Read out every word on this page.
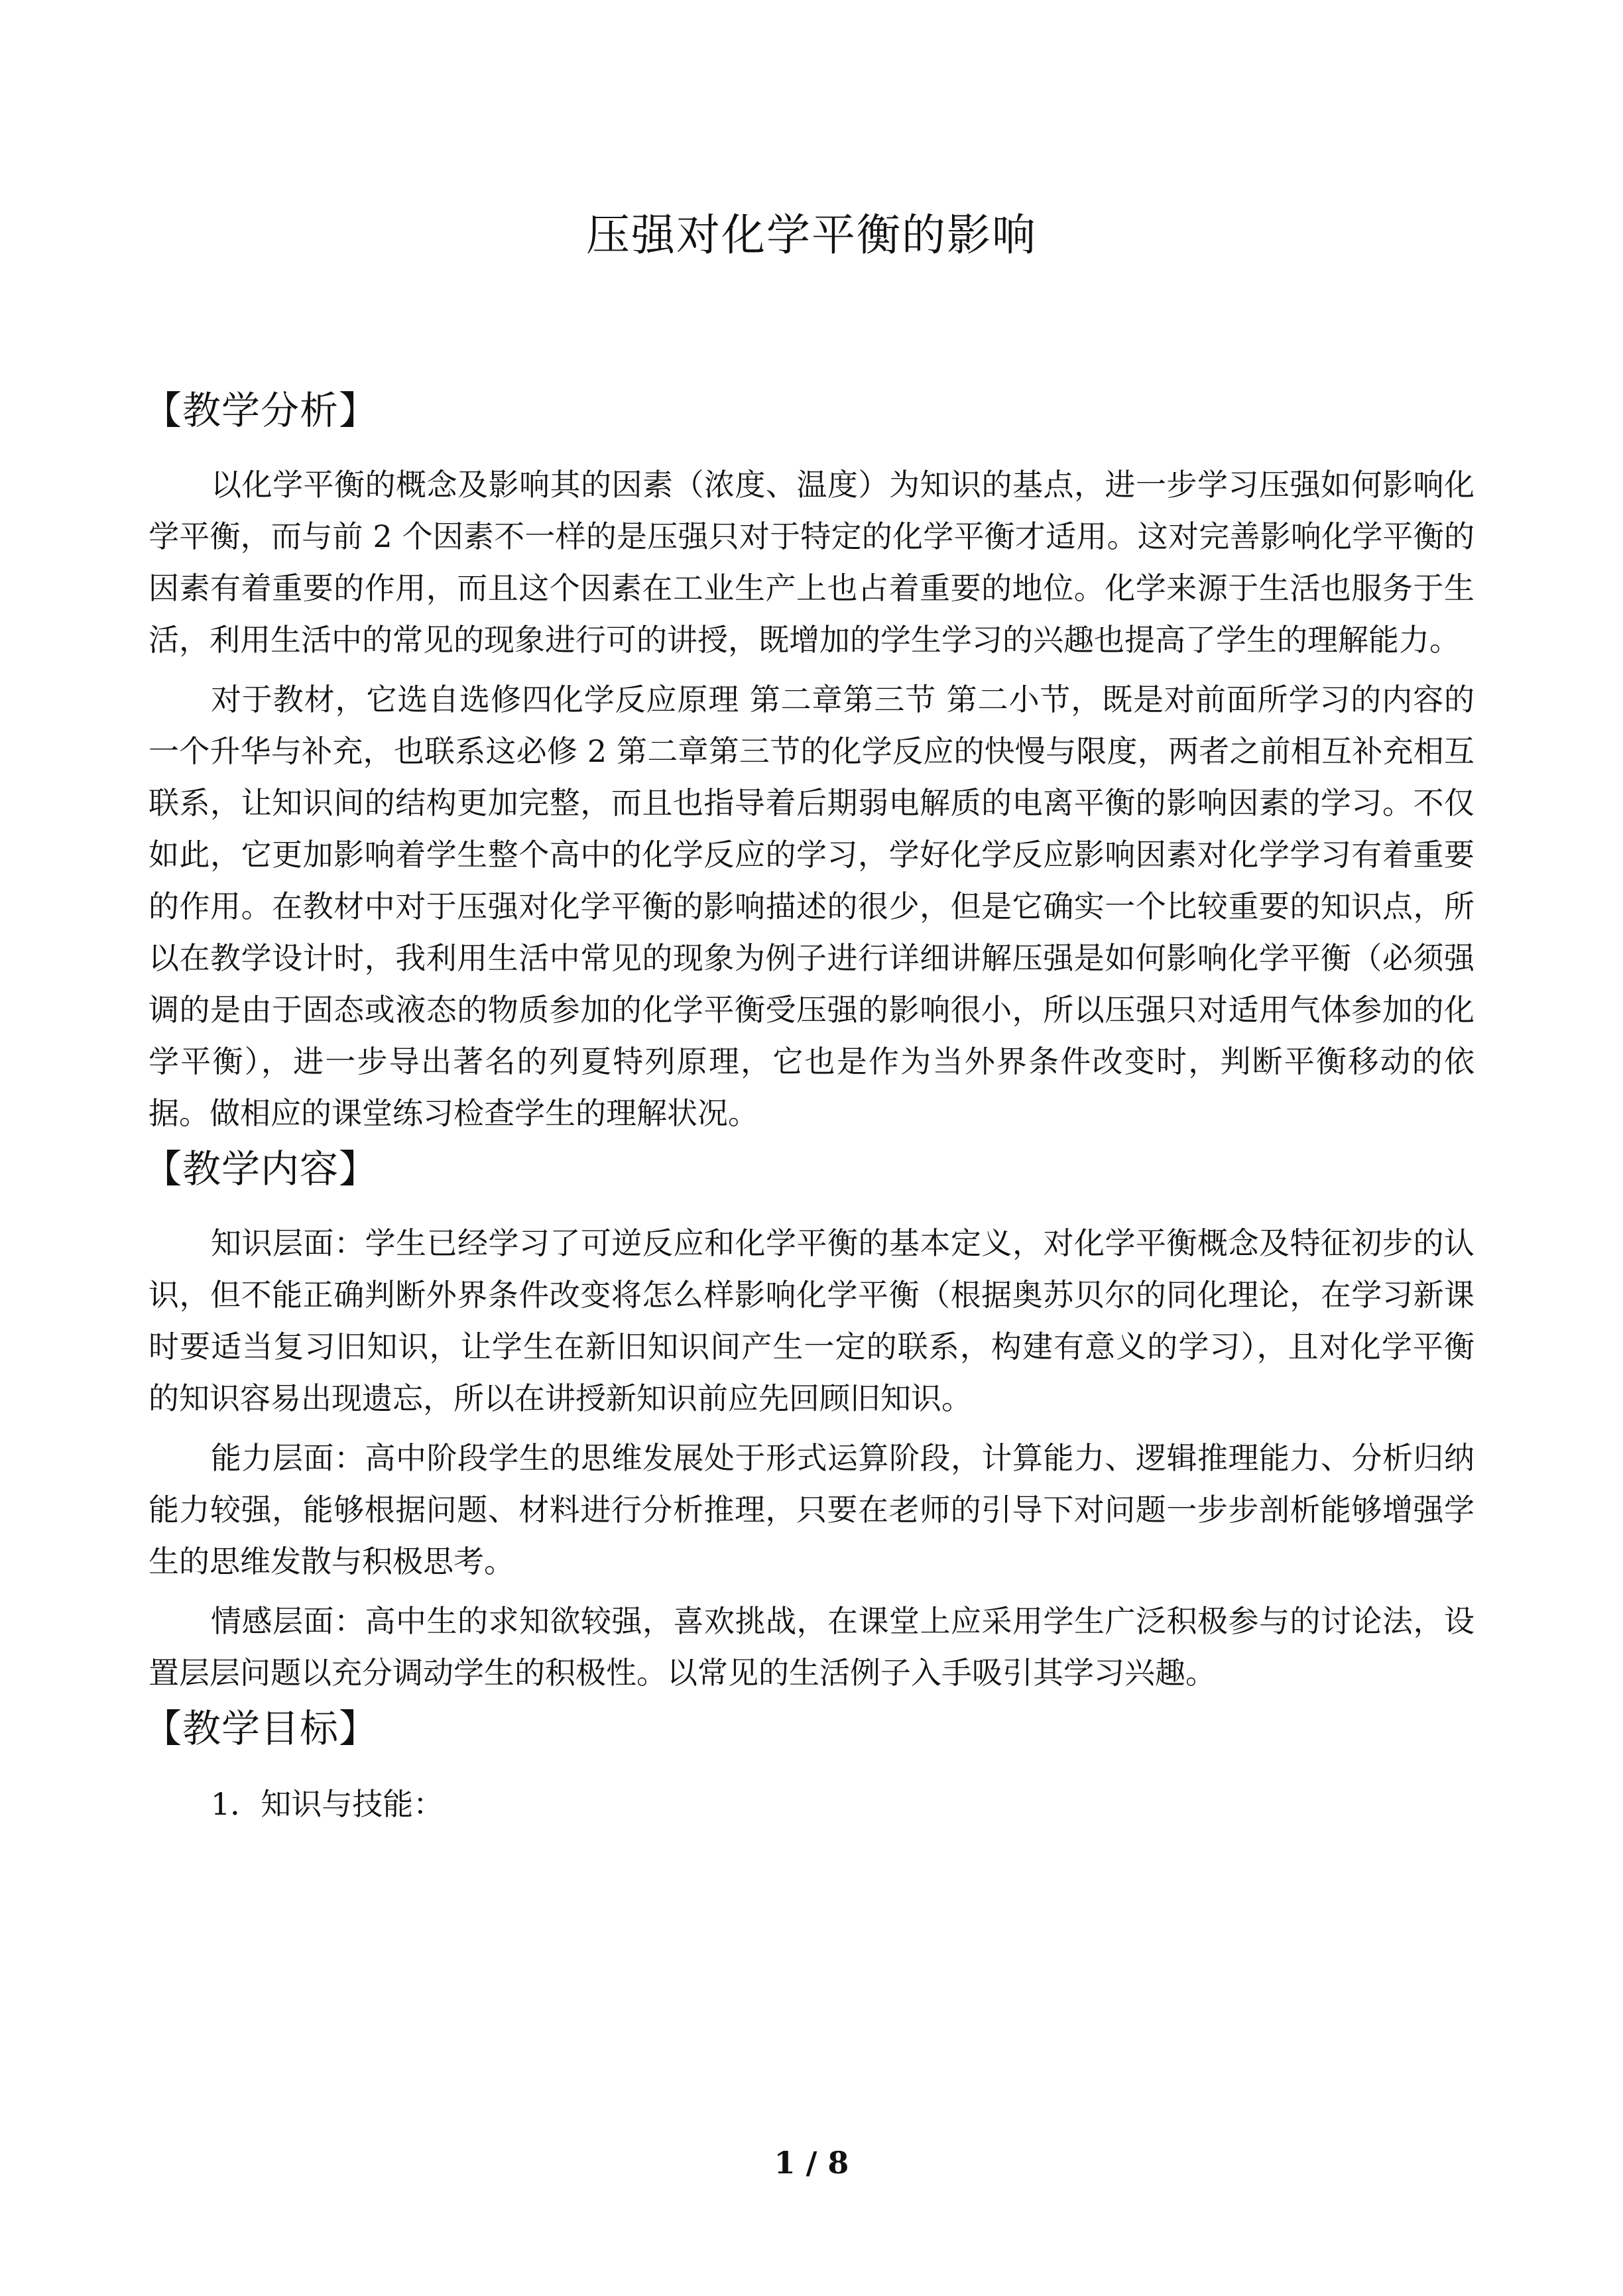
压强对化学平衡的影响
【教学分析】

以化学平衡的概念及影响其的因素（浓度、温度）为知识的基点，进一步学习压强如何影响化学平衡，而与前 2 个因素不一样的是压强只对于特定的化学平衡才适用。这对完善影响化学平衡的因素有着重要的作用，而且这个因素在工业生产上也占着重要的地位。化学来源于生活也服务于生活，利用生活中的常见的现象进行可的讲授，既增加的学生学习的兴趣也提高了学生的理解能力。

对于教材，它选自选修四化学反应原理 第二章第三节 第二小节，既是对前面所学习的内容的一个升华与补充，也联系这必修 2 第二章第三节的化学反应的快慢与限度，两者之前相互补充相互联系，让知识间的结构更加完整，而且也指导着后期弱电解质的电离平衡的影响因素的学习。不仅如此，它更加影响着学生整个高中的化学反应的学习，学好化学反应影响因素对化学学习有着重要的作用。在教材中对于压强对化学平衡的影响描述的很少，但是它确实一个比较重要的知识点，所以在教学设计时，我利用生活中常见的现象为例子进行详细讲解压强是如何影响化学平衡（必须强调的是由于固态或液态的物质参加的化学平衡受压强的影响很小，所以压强只对适用气体参加的化学平衡），进一步导出著名的列夏特列原理，它也是作为当外界条件改变时，判断平衡移动的依据。做相应的课堂练习检查学生的理解状况。

【教学内容】

知识层面：学生已经学习了可逆反应和化学平衡的基本定义，对化学平衡概念及特征初步的认识，但不能正确判断外界条件改变将怎么样影响化学平衡（根据奥苏贝尔的同化理论，在学习新课时要适当复习旧知识，让学生在新旧知识间产生一定的联系，构建有意义的学习），且对化学平衡的知识容易出现遗忘，所以在讲授新知识前应先回顾旧知识。

能力层面：高中阶段学生的思维发展处于形式运算阶段，计算能力、逻辑推理能力、分析归纳能力较强，能够根据问题、材料进行分析推理，只要在老师的引导下对问题一步步剖析能够增强学生的思维发散与积极思考。

情感层面：高中生的求知欲较强，喜欢挑战，在课堂上应采用学生广泛积极参与的讨论法，设置层层问题以充分调动学生的积极性。以常见的生活例子入手吸引其学习兴趣。

【教学目标】
1．知识与技能：
1 / 8
